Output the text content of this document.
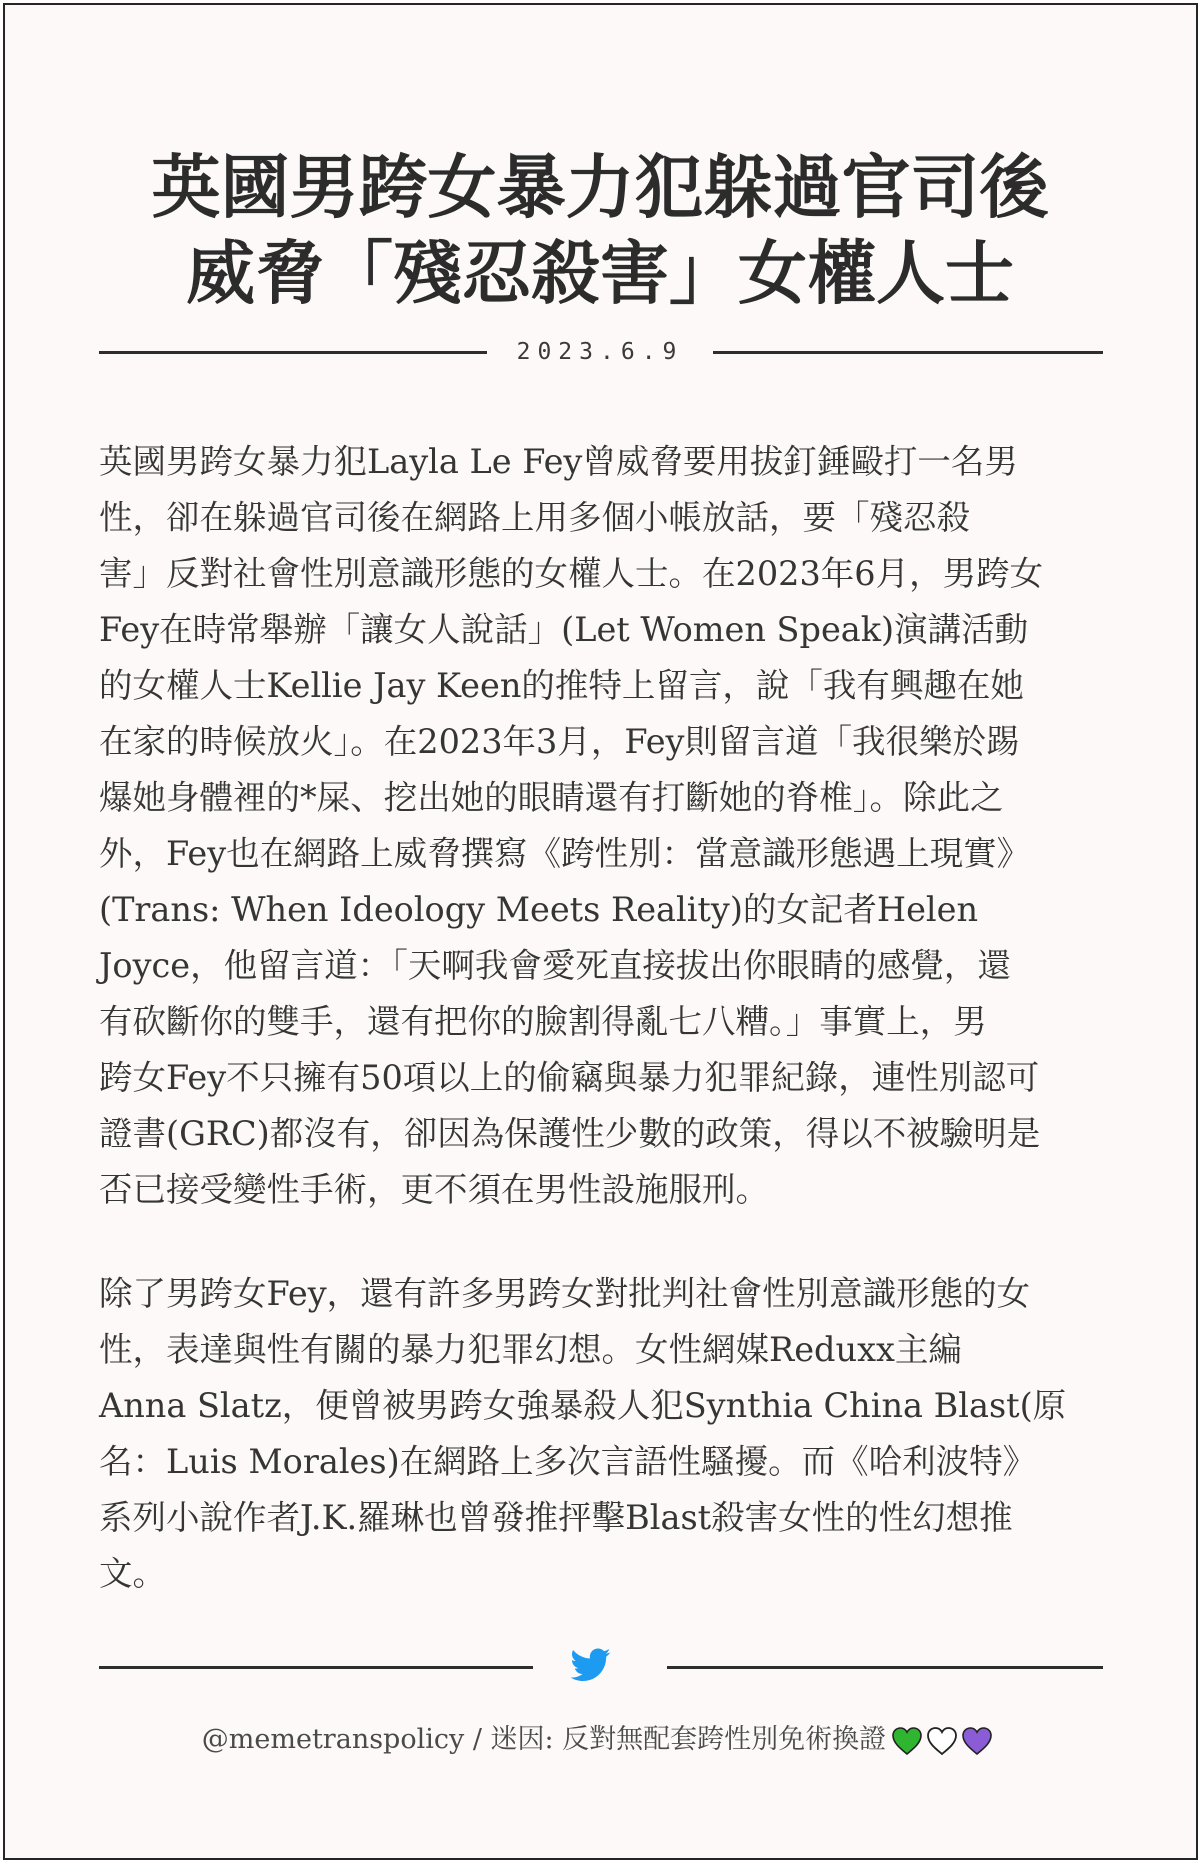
英國男跨女暴力犯躲過官司後
威脅「殘忍殺害」女權人士
2023.6.9
英國男跨女暴力犯Layla Le Fey曾威脅要用拔釘錘毆打一名男
性，卻在躲過官司後在網路上用多個小帳放話，要「殘忍殺
害」反對社會性別意識形態的女權人士。在2023年6月，男跨女
Fey在時常舉辦「讓女人說話」(Let Women Speak)演講活動
的女權人士Kellie Jay Keen的推特上留言，說「我有興趣在她
在家的時候放火」。在2023年3月，Fey則留言道「我很樂於踢
爆她身體裡的*屎、挖出她的眼睛還有打斷她的脊椎」。除此之
外，Fey也在網路上威脅撰寫《跨性別：當意識形態遇上現實》
(Trans: When Ideology Meets Reality)的女記者Helen
Joyce，他留言道：「天啊我會愛死直接拔出你眼睛的感覺，還
有砍斷你的雙手，還有把你的臉割得亂七八糟。」事實上，男
跨女Fey不只擁有50項以上的偷竊與暴力犯罪紀錄，連性別認可
證書(GRC)都沒有，卻因為保護性少數的政策，得以不被驗明是
否已接受變性手術，更不須在男性設施服刑。
除了男跨女Fey，還有許多男跨女對批判社會性別意識形態的女
性，表達與性有關的暴力犯罪幻想。女性網媒Reduxx主編
Anna Slatz，便曾被男跨女強暴殺人犯Synthia China Blast(原
名：Luis Morales)在網路上多次言語性騷擾。而《哈利波特》
系列小說作者J.K.羅琳也曾發推抨擊Blast殺害女性的性幻想推
文。
@memetranspolicy / 迷因: 反對無配套跨性別免術換證
